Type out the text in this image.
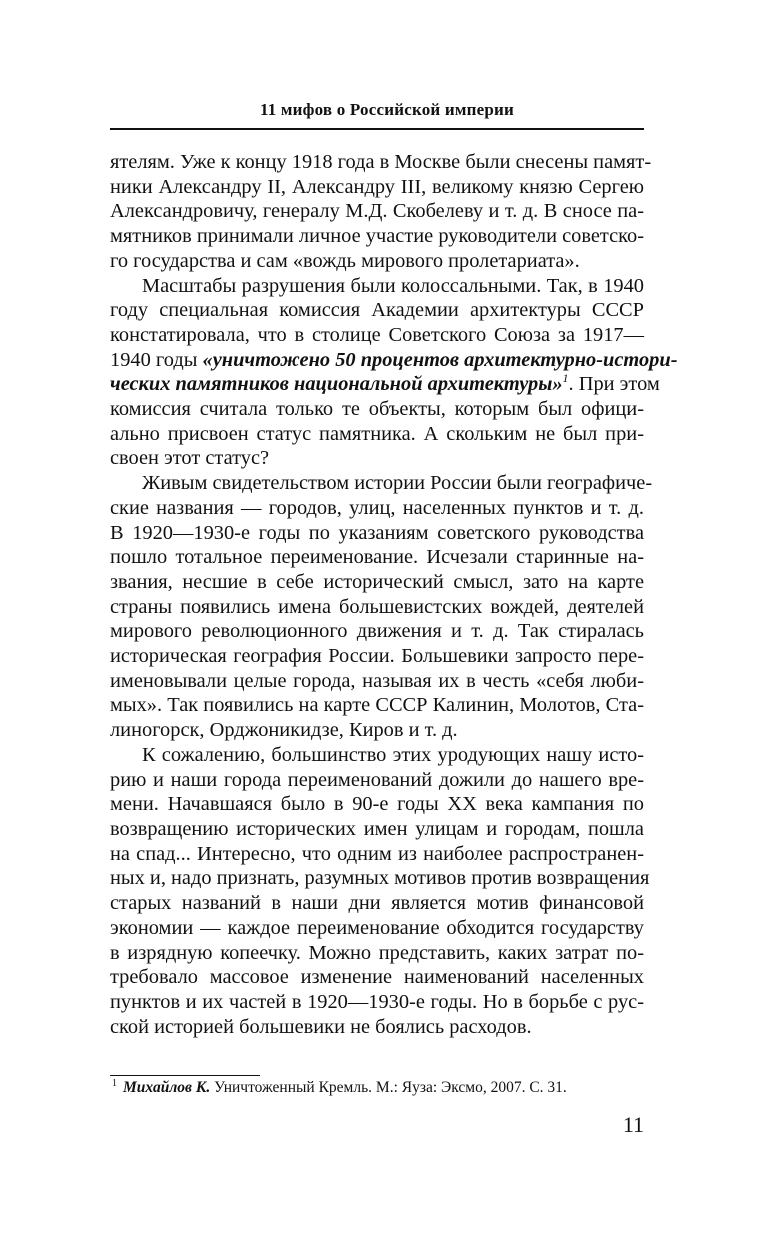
11 мифов о Российской империи

ятелям. Уже к концу 1918 года в Москве были снесены памят-
ники Александру II, Александру III, великому князю Сергею
Александровичу, генералу М.Д. Скобелеву и т. д. В сносе па-
мятников принимали личное участие руководители советско-
го государства и сам «вождь мирового пролетариата».

Масштабы разрушения были колоссальными. Так, в 1940
году специальная комиссия Академии архитектуры СССР
констатировала, что в столице Советского Союза за 1917—
1940 годы «уничтожено 50 процентов архитектурно-истори-
ческих памятников национальной архитектуры»$^1$. При этом
комиссия считала только те объекты, которым был офици-
ально присвоен статус памятника. А скольким не был при-
своен этот статус?

Живым свидетельством истории России были географиче-
ские названия — городов, улиц, населенных пунктов и т. д.
В 1920—1930-е годы по указаниям советского руководства
пошло тотальное переименование. Исчезали старинные на-
звания, несшие в себе исторический смысл, зато на карте
страны появились имена большевистских вождей, деятелей
мирового революционного движения и т. д. Так стиралась
историческая география России. Большевики запросто пере-
именовывали целые города, называя их в честь «себя люби-
мых». Так появились на карте СССР Калинин, Молотов, Ста-
линогорск, Орджоникидзе, Киров и т. д.

К сожалению, большинство этих уродующих нашу исто-
рию и наши города переименований дожили до нашего вре-
мени. Начавшаяся было в 90-е годы XX века кампания по
возвращению исторических имен улицам и городам, пошла
на спад... Интересно, что одним из наиболее распространен-
ных и, надо признать, разумных мотивов против возвращения
старых названий в наши дни является мотив финансовой
экономии — каждое переименование обходится государству
в изрядную копеечку. Можно представить, каких затрат по-
требовало массовое изменение наименований населенных
пунктов и их частей в 1920—1930-е годы. Но в борьбе с рус-
ской историей большевики не боялись расходов.

$^1$ Михайлов К. Уничтоженный Кремль. М.: Яуза: Эксмо, 2007. С. 31.
11
